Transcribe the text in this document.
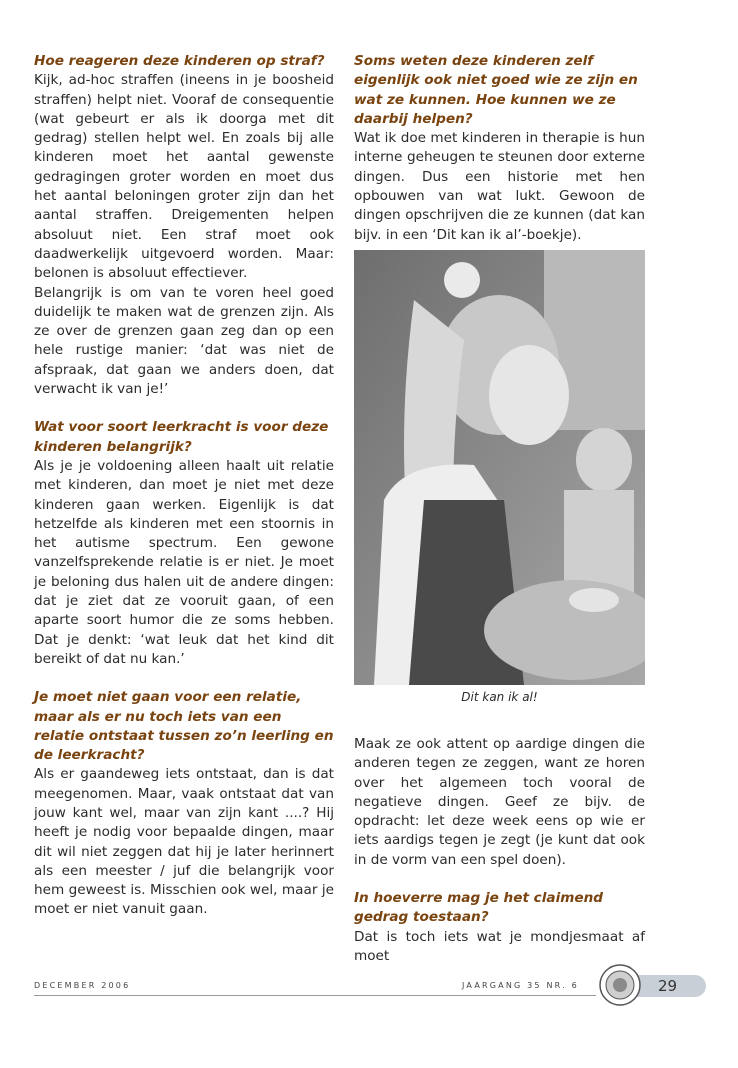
Hoe reageren deze kinderen op straf?
Kijk, ad-hoc straffen (ineens in je boosheid straffen) helpt niet. Vooraf de consequentie (wat gebeurt er als ik doorga met dit gedrag) stellen helpt wel. En zoals bij alle kinderen moet het aantal gewenste gedragingen groter worden en moet dus het aantal beloningen groter zijn dan het aantal straffen. Dreigementen helpen absoluut niet. Een straf moet ook daadwerkelijk uitgevoerd worden. Maar: belonen is absoluut effectiever.
Belangrijk is om van te voren heel goed duidelijk te maken wat de grenzen zijn. Als ze over de grenzen gaan zeg dan op een hele rustige manier: ‘dat was niet de afspraak, dat gaan we anders doen, dat verwacht ik van je!’
Wat voor soort leerkracht is voor deze kinderen belangrijk?
Als je je voldoening alleen haalt uit relatie met kinderen, dan moet je niet met deze kinderen gaan werken. Eigenlijk is dat hetzelfde als kinderen met een stoornis in het autisme spectrum. Een gewone vanzelfsprekende relatie is er niet. Je moet je beloning dus halen uit de andere dingen: dat je ziet dat ze vooruit gaan, of een aparte soort humor die ze soms hebben. Dat je denkt: ‘wat leuk dat het kind dit bereikt of dat nu kan.’
Je moet niet gaan voor een relatie, maar als er nu toch iets van een relatie ontstaat tussen zo’n leerling en de leerkracht?
Als er gaandeweg iets ontstaat, dan is dat meegenomen. Maar, vaak ontstaat dat van jouw kant wel, maar van zijn kant ....? Hij heeft je nodig voor bepaalde dingen, maar dit wil niet zeggen dat hij je later herinnert als een meester / juf die belangrijk voor hem geweest is. Misschien ook wel, maar je moet er niet vanuit gaan.
Soms weten deze kinderen zelf eigenlijk ook niet goed wie ze zijn en wat ze kunnen. Hoe kunnen we ze daarbij helpen?
Wat ik doe met kinderen in therapie is hun interne geheugen te steunen door externe dingen. Dus een historie met hen opbouwen van wat lukt. Gewoon de dingen opschrijven die ze kunnen (dat kan bijv. in een ‘Dit kan ik al’-boekje).
Dit kan ik al!
Maak ze ook attent op aardige dingen die anderen tegen ze zeggen, want ze horen over het algemeen toch vooral de negatieve dingen. Geef ze bijv. de opdracht: let deze week eens op wie er iets aardigs tegen je zegt (je kunt dat ook in de vorm van een spel doen).
In hoeverre mag je het claimend gedrag toestaan?
Dat is toch iets wat je mondjesmaat af moet
DECEMBER 2006	JAARGANG 35 NR. 6	29
